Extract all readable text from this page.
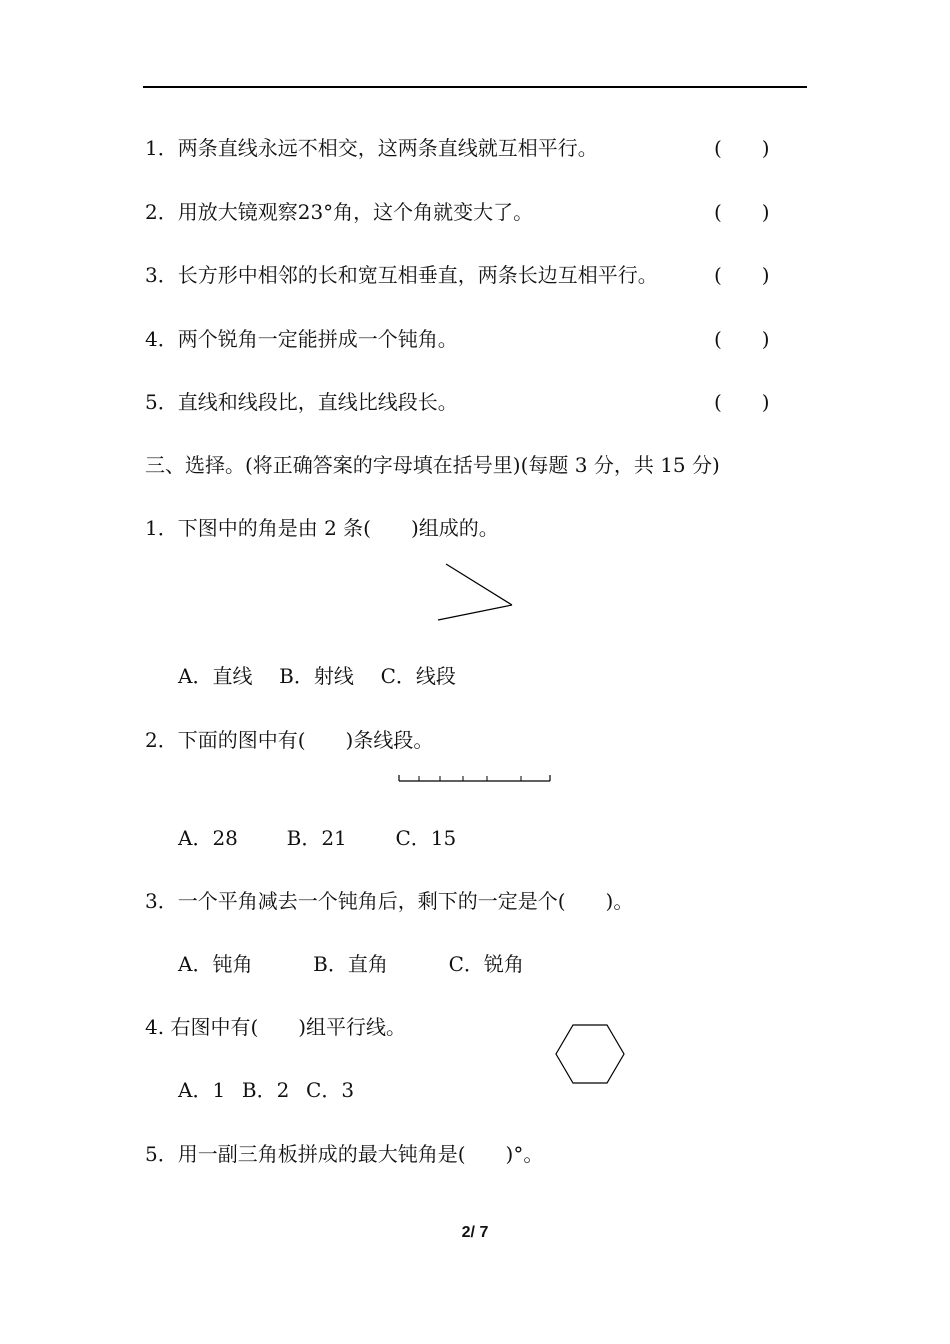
1．两条直线永远不相交，这两条直线就互相平行。	(　　)
2．用放大镜观察23°角，这个角就变大了。	(　　)
3．长方形中相邻的长和宽互相垂直，两条长边互相平行。	(　　)
4．两个锐角一定能拼成一个钝角。	(　　)
5．直线和线段比，直线比线段长。	(　　)
三、选择。(将正确答案的字母填在括号里)(每题 3 分，共 15 分)
1．下图中的角是由 2 条(　　)组成的。
A．直线 B．射线 C．线段
2．下面的图中有(　　)条线段。
A．28 B．21 C．15
3．一个平角减去一个钝角后，剩下的一定是个(　　)。
A．钝角	B．直角	C．锐角
4. 右图中有(　　)组平行线。
A．1 B．2 C．3
5．用一副三角板拼成的最大钝角是(　　)°。
2/ 7
